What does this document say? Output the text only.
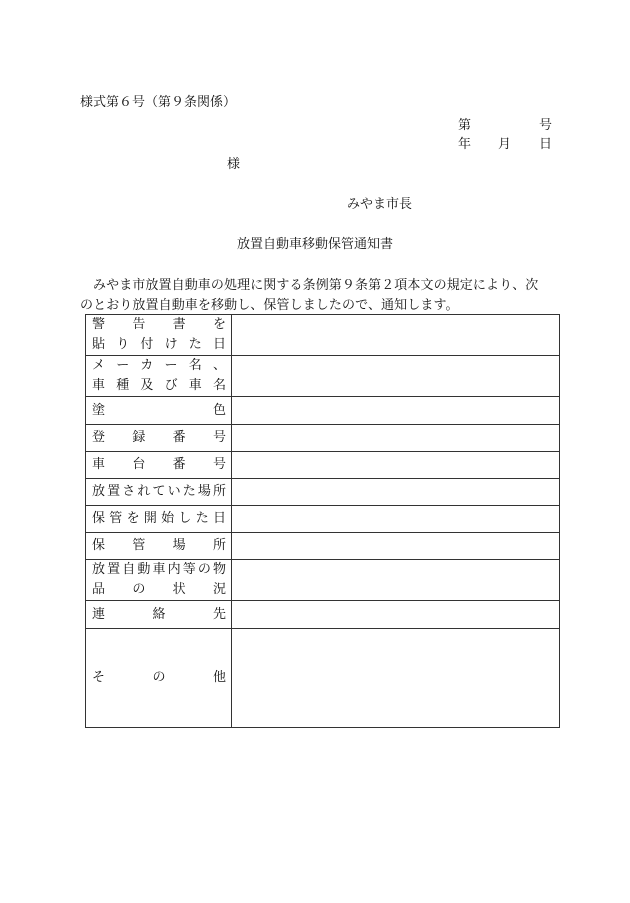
様式第６号（第９条関係）
第	号
年 月 日
様
みやま市長
放置自動車移動保管通知書
みやま市放置自動車の処理に関する条例第９条第２項本文の規定により、次
のとおり放置自動車を移動し、保管しましたので、通知します。
警告書を
貼り付けた日	

メーカー名、
車種及び車名	

塗色	

登録番号	

車台番号	

放置されていた場所	

保管を開始した日	

保管場所	

放置自動車内等の物
品の状況	

連絡先	

その他	
